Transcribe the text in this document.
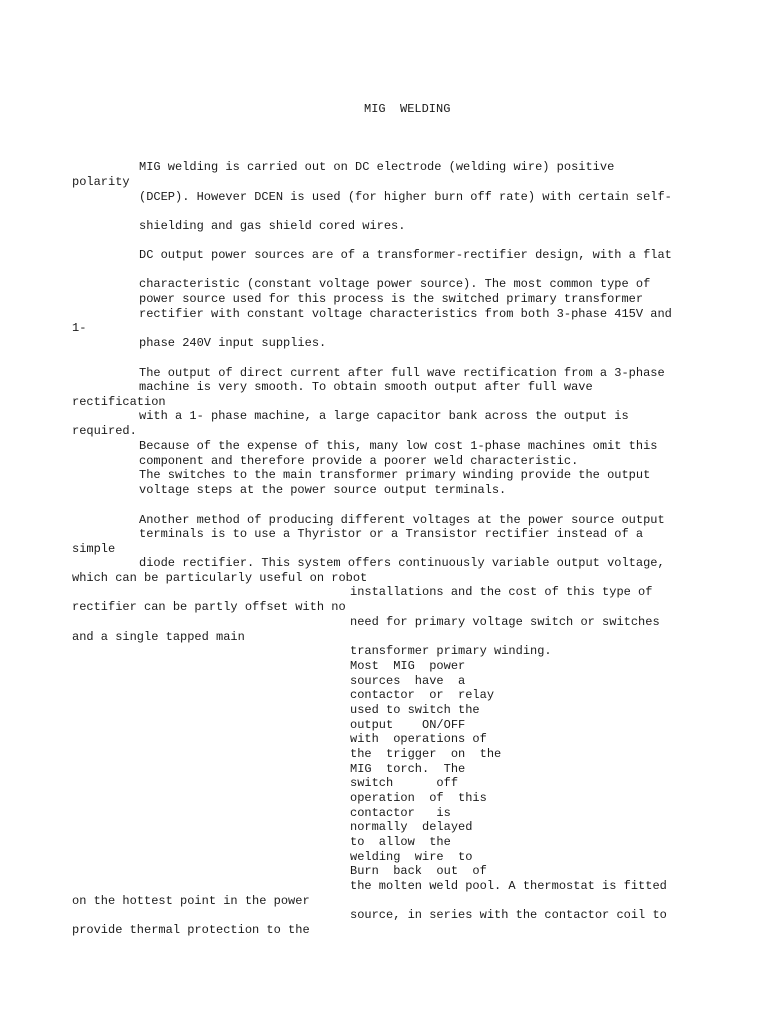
MIG  WELDING
MIG welding is carried out on DC electrode (welding wire) positive
polarity
(DCEP). However DCEN is used (for higher burn off rate) with certain self-
shielding and gas shield cored wires.
DC output power sources are of a transformer-rectifier design, with a flat
characteristic (constant voltage power source). The most common type of
power source used for this process is the switched primary transformer
rectifier with constant voltage characteristics from both 3-phase 415V and
1-
phase 240V input supplies.
The output of direct current after full wave rectification from a 3-phase
machine is very smooth. To obtain smooth output after full wave
rectification
with a 1- phase machine, a large capacitor bank across the output is
required.
Because of the expense of this, many low cost 1-phase machines omit this
component and therefore provide a poorer weld characteristic.
The switches to the main transformer primary winding provide the output
voltage steps at the power source output terminals.
Another method of producing different voltages at the power source output
terminals is to use a Thyristor or a Transistor rectifier instead of a
simple
diode rectifier. This system offers continuously variable output voltage,
which can be particularly useful on robot
installations and the cost of this type of
rectifier can be partly offset with no
need for primary voltage switch or switches
and a single tapped main
transformer primary winding.
Most  MIG  power
sources  have  a
contactor  or  relay
used to switch the
output    ON/OFF
with  operations of
the  trigger  on  the
MIG  torch.  The
switch      off
operation  of  this
contactor   is
normally  delayed
to  allow  the
welding  wire  to
Burn  back  out  of
the molten weld pool. A thermostat is fitted
on the hottest point in the power
source, in series with the contactor coil to
provide thermal protection to the
